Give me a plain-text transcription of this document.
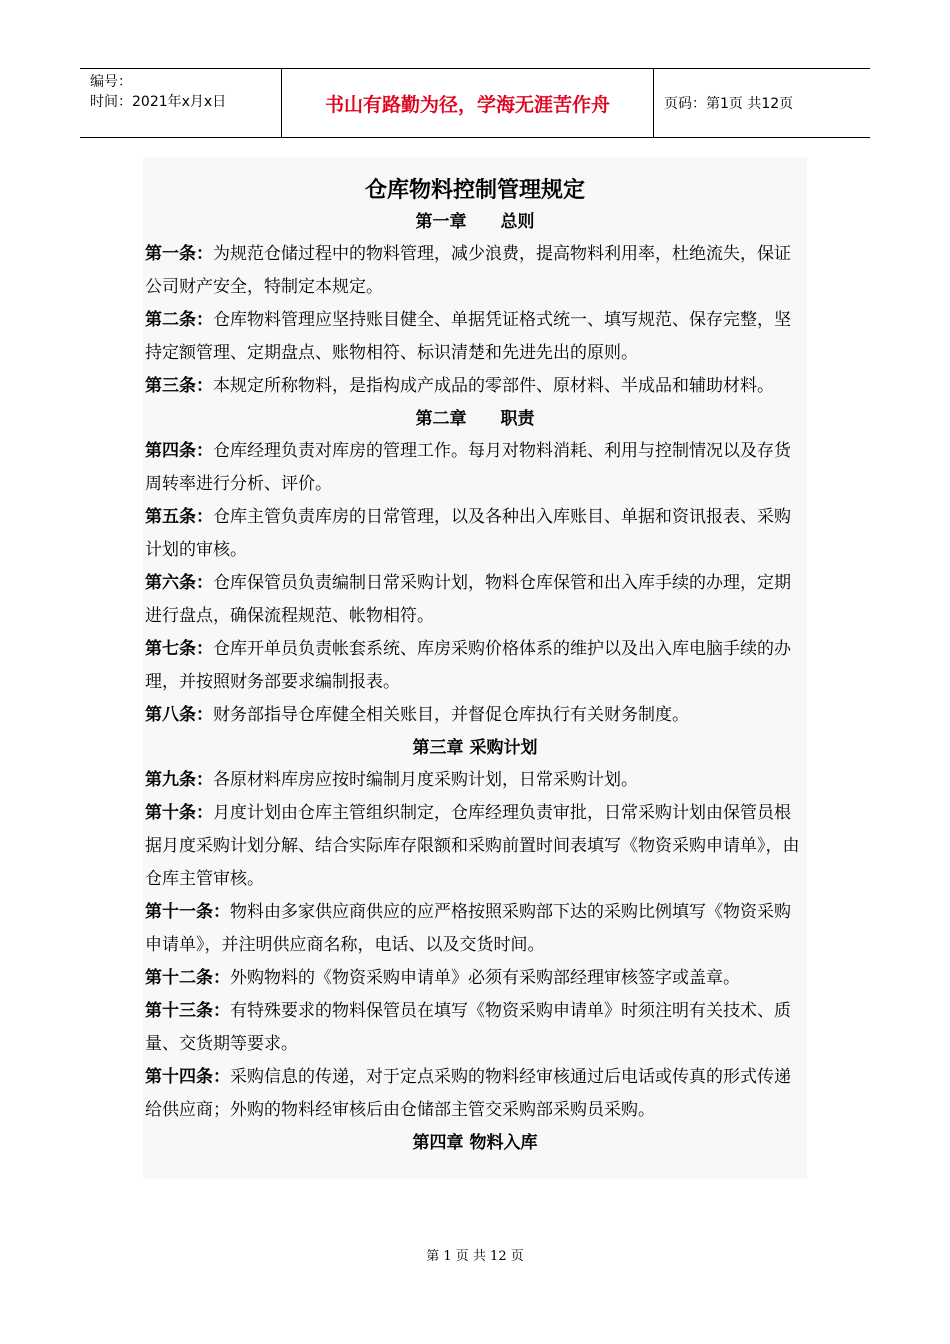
编号：
时间：2021年x月x日	书山有路勤为径，学海无涯苦作舟	页码：第1页 共12页
仓库物料控制管理规定
第一章 总则

第一条：为规范仓储过程中的物料管理，减少浪费，提高物料利用率，杜绝流失，保证公司财产安全，特制定本规定。

第二条：仓库物料管理应坚持账目健全、单据凭证格式统一、填写规范、保存完整，坚持定额管理、定期盘点、账物相符、标识清楚和先进先出的原则。

第三条：本规定所称物料，是指构成产成品的零部件、原材料、半成品和辅助材料。

第二章 职责

第四条：仓库经理负责对库房的管理工作。每月对物料消耗、利用与控制情况以及存货周转率进行分析、评价。

第五条：仓库主管负责库房的日常管理，以及各种出入库账目、单据和资讯报表、采购计划的审核。

第六条：仓库保管员负责编制日常采购计划，物料仓库保管和出入库手续的办理，定期进行盘点，确保流程规范、帐物相符。

第七条：仓库开单员负责帐套系统、库房采购价格体系的维护以及出入库电脑手续的办理，并按照财务部要求编制报表。

第八条：财务部指导仓库健全相关账目，并督促仓库执行有关财务制度。

第三章 采购计划

第九条：各原材料库房应按时编制月度采购计划，日常采购计划。

第十条：月度计划由仓库主管组织制定，仓库经理负责审批，日常采购计划由保管员根据月度采购计划分解、结合实际库存限额和采购前置时间表填写《物资采购申请单》，由仓库主管审核。

第十一条：物料由多家供应商供应的应严格按照采购部下达的采购比例填写《物资采购申请单》，并注明供应商名称，电话、以及交货时间。

第十二条：外购物料的《物资采购申请单》必须有采购部经理审核签字或盖章。

第十三条：有特殊要求的物料保管员在填写《物资采购申请单》时须注明有关技术、质量、交货期等要求。

第十四条：采购信息的传递，对于定点采购的物料经审核通过后电话或传真的形式传递给供应商；外购的物料经审核后由仓储部主管交采购部采购员采购。

第四章 物料入库
第 1 页 共 12 页
